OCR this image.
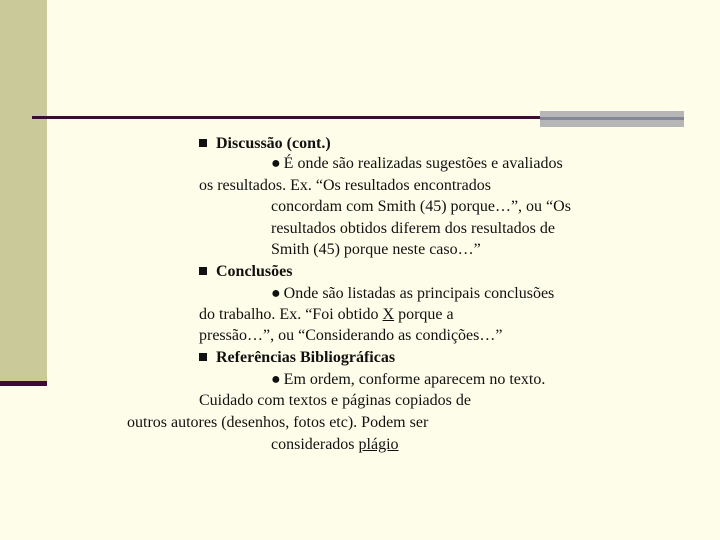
Discussão (cont.)
● É onde são realizadas sugestões e avaliados
os resultados. Ex. “Os resultados encontrados
concordam com Smith (45) porque…”, ou “Os
resultados obtidos diferem dos resultados de
Smith (45) porque neste caso…”
Conclusões
● Onde são listadas as principais conclusões
do trabalho. Ex. “Foi obtido X porque a
pressão…”, ou “Considerando as condições…”
Referências Bibliográficas
● Em ordem, conforme aparecem no texto.
Cuidado com textos e páginas copiados de
outros autores (desenhos, fotos etc). Podem ser
considerados plágio
